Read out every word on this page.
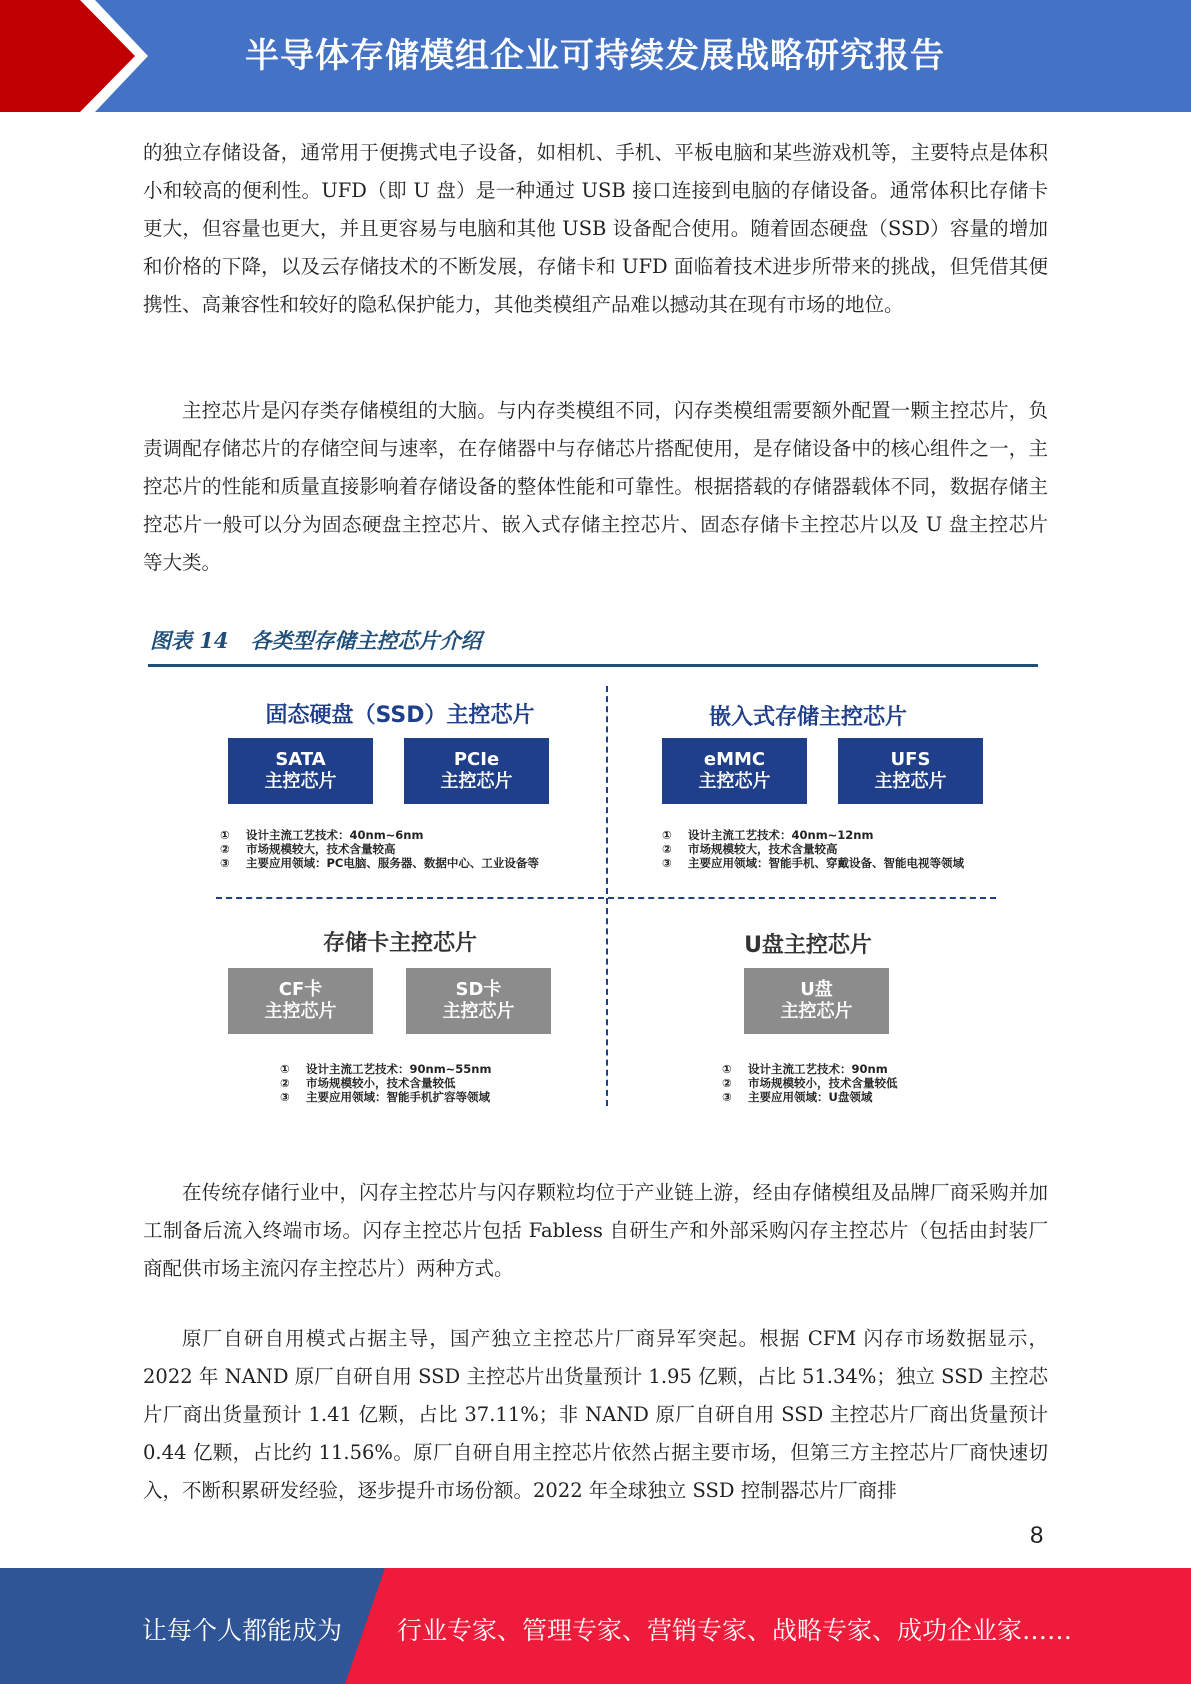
半导体存储模组企业可持续发展战略研究报告
的独立存储设备，通常用于便携式电子设备，如相机、手机、平板电脑和某些游戏机等，主要特点是体积小和较高的便利性。UFD（即 U 盘）是一种通过 USB 接口连接到电脑的存储设备。通常体积比存储卡更大，但容量也更大，并且更容易与电脑和其他 USB 设备配合使用。随着固态硬盘（SSD）容量的增加和价格的下降，以及云存储技术的不断发展，存储卡和 UFD 面临着技术进步所带来的挑战，但凭借其便携性、高兼容性和较好的隐私保护能力，其他类模组产品难以撼动其在现有市场的地位。
主控芯片是闪存类存储模组的大脑。与内存类模组不同，闪存类模组需要额外配置一颗主控芯片，负责调配存储芯片的存储空间与速率，在存储器中与存储芯片搭配使用，是存储设备中的核心组件之一，主控芯片的性能和质量直接影响着存储设备的整体性能和可靠性。根据搭载的存储器载体不同，数据存储主控芯片一般可以分为固态硬盘主控芯片、嵌入式存储主控芯片、固态存储卡主控芯片以及 U 盘主控芯片等大类。
图表 14 各类型存储主控芯片介绍
固态硬盘（SSD）主控芯片
SATA
主控芯片
PCIe
主控芯片
① 设计主流工艺技术：40nm~6nm
② 市场规模较大，技术含量较高
③ 主要应用领域：PC电脑、服务器、数据中心、工业设备等
嵌入式存储主控芯片
eMMC
主控芯片
UFS
主控芯片
① 设计主流工艺技术：40nm~12nm
② 市场规模较大，技术含量较高
③ 主要应用领域：智能手机、穿戴设备、智能电视等领域
存储卡主控芯片
CF卡
主控芯片
SD卡
主控芯片
① 设计主流工艺技术：90nm~55nm
② 市场规模较小，技术含量较低
③ 主要应用领域：智能手机扩容等领域
U盘主控芯片
U盘
主控芯片
① 设计主流工艺技术：90nm
② 市场规模较小，技术含量较低
③ 主要应用领域：U盘领域
在传统存储行业中，闪存主控芯片与闪存颗粒均位于产业链上游，经由存储模组及品牌厂商采购并加工制备后流入终端市场。闪存主控芯片包括 Fabless 自研生产和外部采购闪存主控芯片（包括由封装厂商配供市场主流闪存主控芯片）两种方式。
原厂自研自用模式占据主导，国产独立主控芯片厂商异军突起。根据 CFM 闪存市场数据显示，2022 年 NAND 原厂自研自用 SSD 主控芯片出货量预计 1.95 亿颗，占比 51.34%；独立 SSD 主控芯片厂商出货量预计 1.41 亿颗，占比 37.11%；非 NAND 原厂自研自用 SSD 主控芯片厂商出货量预计 0.44 亿颗，占比约 11.56%。原厂自研自用主控芯片依然占据主要市场，但第三方主控芯片厂商快速切入，不断积累研发经验，逐步提升市场份额。2022 年全球独立 SSD 控制器芯片厂商排
8
让每个人都能成为 行业专家、管理专家、营销专家、战略专家、成功企业家……
